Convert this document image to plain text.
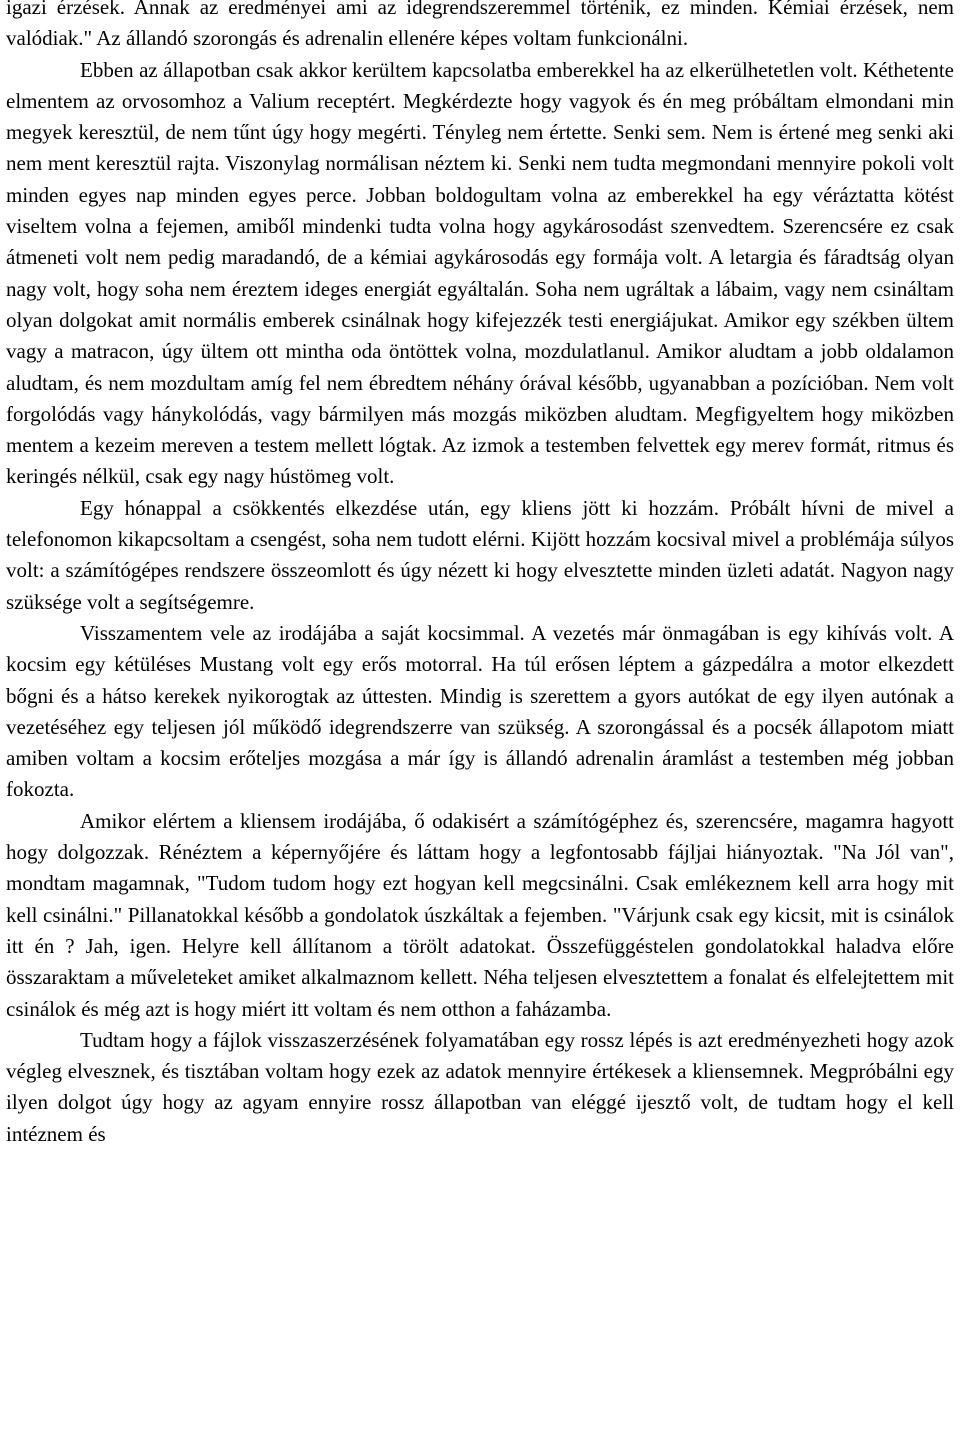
igazi érzések. Annak az eredményei ami az idegrendszeremmel történik, ez minden. Kémiai érzések, nem valódiak." Az állandó szorongás és adrenalin ellenére képes voltam funkcionálni.

Ebben az állapotban csak akkor kerültem kapcsolatba emberekkel ha az elkerülhetetlen volt. Kéthetente elmentem az orvosomhoz a Valium receptért. Megkérdezte hogy vagyok és én meg próbáltam elmondani min megyek keresztül, de nem tűnt úgy hogy megérti. Tényleg nem értette. Senki sem. Nem is értené meg senki aki nem ment keresztül rajta. Viszonylag normálisan néztem ki. Senki nem tudta megmondani mennyire pokoli volt minden egyes nap minden egyes perce. Jobban boldogultam volna az emberekkel ha egy véráztatta kötést viseltem volna a fejemen, amiből mindenki tudta volna hogy agykárosodást szenvedtem. Szerencsére ez csak átmeneti volt nem pedig maradandó, de a kémiai agykárosodás egy formája volt. A letargia és fáradtság olyan nagy volt, hogy soha nem éreztem ideges energiát egyáltalán. Soha nem ugráltak a lábaim, vagy nem csináltam olyan dolgokat amit normális emberek csinálnak hogy kifejezzék testi energiájukat. Amikor egy székben ültem vagy a matracon, úgy ültem ott mintha oda öntöttek volna, mozdulatlanul. Amikor aludtam a jobb oldalamon aludtam, és nem mozdultam amíg fel nem ébredtem néhány órával később, ugyanabban a pozícióban. Nem volt forgolódás vagy hánykolódás, vagy bármilyen más mozgás miközben aludtam. Megfigyeltem hogy miközben mentem a kezeim mereven a testem mellett lógtak. Az izmok a testemben felvettek egy merev formát, ritmus és keringés nélkül, csak egy nagy hústömeg volt.

Egy hónappal a csökkentés elkezdése után, egy kliens jött ki hozzám. Próbált hívni de mivel a telefonomon kikapcsoltam a csengést, soha nem tudott elérni. Kijött hozzám kocsival mivel a problémája súlyos volt: a számítógépes rendszere összeomlott és úgy nézett ki hogy elvesztette minden üzleti adatát. Nagyon nagy szüksége volt a segítségemre.

Visszamentem vele az irodájába a saját kocsimmal. A vezetés már önmagában is egy kihívás volt. A kocsim egy kétüléses Mustang volt egy erős motorral. Ha túl erősen léptem a gázpedálra a motor elkezdett bőgni és a hátso kerekek nyikorogtak az úttesten. Mindig is szerettem a gyors autókat de egy ilyen autónak a vezetéséhez egy teljesen jól működő idegrendszerre van szükség. A szorongással és a pocsék állapotom miatt amiben voltam a kocsim erőteljes mozgása a már így is állandó adrenalin áramlást a testemben még jobban fokozta.

Amikor elértem a kliensem irodájába, ő odakisért a számítógéphez és, szerencsére, magamra hagyott hogy dolgozzak. Rénéztem a képernyőjére és láttam hogy a legfontosabb fájljai hiányoztak. "Na Jól van", mondtam magamnak, "Tudom tudom hogy ezt hogyan kell megcsinálni. Csak emlékeznem kell arra hogy mit kell csinálni." Pillanatokkal később a gondolatok úszkáltak a fejemben. "Várjunk csak egy kicsit, mit is csinálok itt én ? Jah, igen. Helyre kell állítanom a törölt adatokat. Összefüggéstelen gondolatokkal haladva előre összaraktam a műveleteket amiket alkalmaznom kellett. Néha teljesen elvesztettem a fonalat és elfelejtettem mit csinálok és még azt is hogy miért itt voltam és nem otthon a faházamba.

Tudtam hogy a fájlok visszaszerzésének folyamatában egy rossz lépés is azt eredményezheti hogy azok végleg elvesznek, és tisztában voltam hogy ezek az adatok mennyire értékesek a kliensemnek. Megpróbálni egy ilyen dolgot úgy hogy az agyam ennyire rossz állapotban van eléggé ijesztő volt, de tudtam hogy el kell intéznem és
